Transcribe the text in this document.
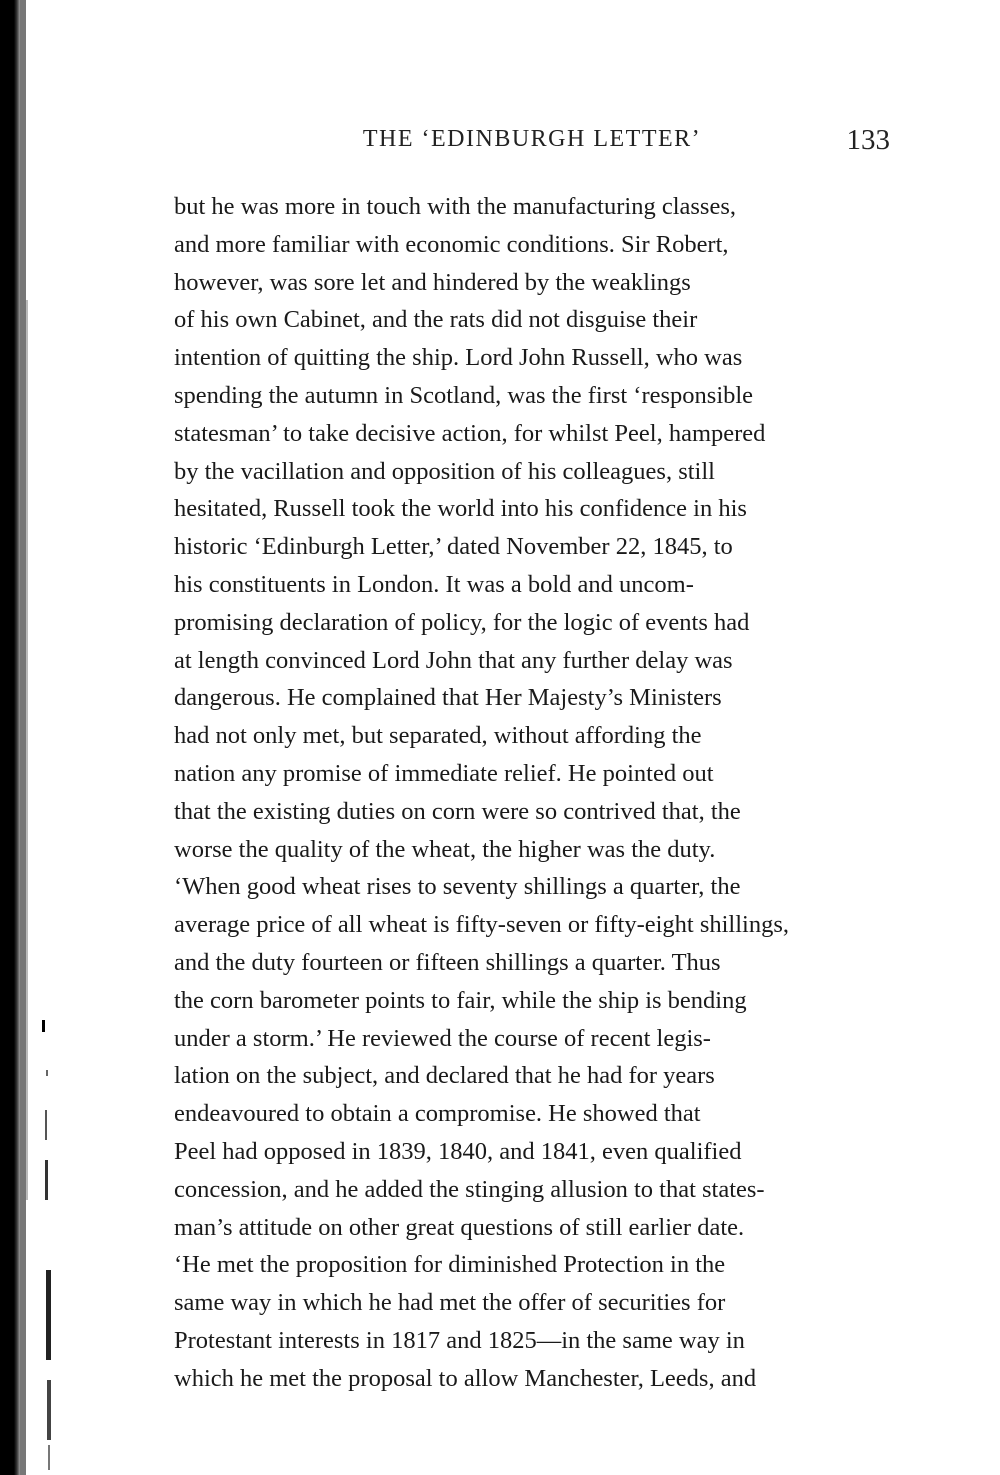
THE ‘EDINBURGH LETTER’	133
but he was more in touch with the manufacturing classes,
and more familiar with economic conditions. Sir Robert,
however, was sore let and hindered by the weaklings
of his own Cabinet, and the rats did not disguise their
intention of quitting the ship. Lord John Russell, who was
spending the autumn in Scotland, was the first ‘responsible
statesman’ to take decisive action, for whilst Peel, hampered
by the vacillation and opposition of his colleagues, still
hesitated, Russell took the world into his confidence in his
historic ‘Edinburgh Letter,’ dated November 22, 1845, to
his constituents in London. It was a bold and uncom-
promising declaration of policy, for the logic of events had
at length convinced Lord John that any further delay was
dangerous. He complained that Her Majesty’s Ministers
had not only met, but separated, without affording the
nation any promise of immediate relief. He pointed out
that the existing duties on corn were so contrived that, the
worse the quality of the wheat, the higher was the duty.
‘When good wheat rises to seventy shillings a quarter, the
average price of all wheat is fifty-seven or fifty-eight shillings,
and the duty fourteen or fifteen shillings a quarter. Thus
the corn barometer points to fair, while the ship is bending
under a storm.’ He reviewed the course of recent legis-
lation on the subject, and declared that he had for years
endeavoured to obtain a compromise. He showed that
Peel had opposed in 1839, 1840, and 1841, even qualified
concession, and he added the stinging allusion to that states-
man’s attitude on other great questions of still earlier date.
‘He met the proposition for diminished Protection in the
same way in which he had met the offer of securities for
Protestant interests in 1817 and 1825—in the same way in
which he met the proposal to allow Manchester, Leeds, and
